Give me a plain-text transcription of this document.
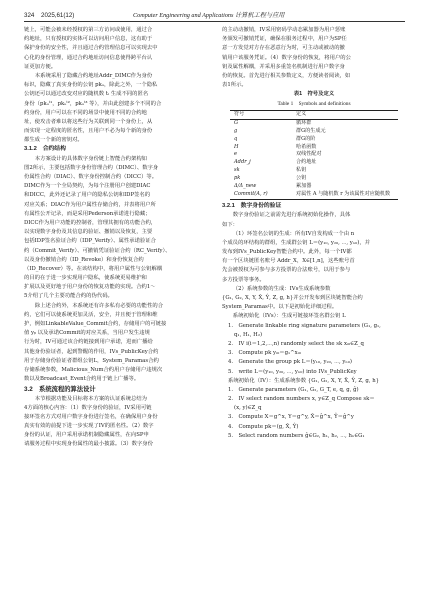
324 2025,61(12)	Computer Engineering and Applications 计算机工程与应用

链上，可能会被未经授权的第三方访问或使用，通过合

约地址，只有授权的实体可以访问用户信息，这有助于

保护身份的安全性，并且通过合约管理信息可以实现去中

心化的身份管理，通过合约地址访问信息使得跨平台认

证更加方便。

本系统采用了隐藏合约地址Addr_DIMC作为身份

标识，隐藏了真实身份的公钥 pkᵤ，除此之外，一个隐私

公钥还可以通过改变对应的随机数 tᵢ 生成不同的匿名

身份（pkᵤᵗ¹，pkᵤᵗ²，pkᵤᵗ³ 等），并由此创建多个不同的合

约身份，用户可以在不同的场景中使用不同的合约地

址，使攻击者难以将这些行为关联到同一个身份上，从

而实现一定程度的匿名性，且用户不必为每个新的身份

都生成一个新的密钥对。

3.1.2　合约结构

本方案设计的具体数字身份链上智能合约架构如

图2所示，主要包括数字身份管理合约（DIMC）、数字身

份属性合约（DIAC）、数字身份控制合约（DICC）等。

DIMC作为一个全局契约，为每个注册用户创建DIAC

和DICC，此外还记录了用户的隐私公钥和IDP签名的

对应关系；DIAC作为用户属性存储合约，并表将用户所

有属性公开记录，而是采用Pederson承诺进行隐藏；

DICC作为用户功能的控制者，管理其拥有的功能合约，

以实现数字身份及其信息的验证、撤销以及恢复，主要

包括IDP签名验证合约（IDP_Verify）、属性承诺验证合

约（Commit_Verify）、可撤销凭证验证合约（RC_Verify）、

以及身份撤销合约（ID_Revoke）和身份恢复合约

（ID_Recover）等。在该结构中，将用户属性与公钥解耦

的目的在于进一步实现用户隐私，使系统更易维护和

扩展以及更好地于用户身份的恢复功能的实现。合约1～

5介绍了几个主要功能合约的伪代码。

除上述合约外，本系统还有许多私有必要的功能性的合

约，它们可以使系统更加灵活，安全，并且便于管理和维

护，例如LinkableValue_Commit合约，存储用户的可链接

值 yᵦ 以及承诺Commit的对应关系，当用户发生违规

行为时，IV可通过该合约链接到用户承诺，进而广播给

其他身份验证者，起到警醒的作用，IVs_PublicKey合约

用于存储身份验证者群组公钥L，System_Paramas合约

存储系统参数，Malicious_Num合约用户存储用户违规次

数以及Broadcast_Event合约用于链上广播等。

3.2　系统流程的算法设计

本节根据功能及目标将本方案的认证系统总结为

4方面的核心内容：（1）数字身份的验证，IV采用可链

接环签名方式对用户数字身份进行签名，在确保用户身份

真实有效的前提下进一步实现了IV的匿名性。（2）数字

身份的认证，用户采用承诺机制隐藏属性，在向SP申

请服务过程中实现身份属性的最小披露。（3）数字身份

的主动动撤销，IV采用密码学动态累加器为用户惩账

务颁发可撤销凭证，确保在服务过程中，用户为SP任

意一方发觉对方存在恶意行为时，可主动或被动的撤

销用户该服务凭证。（4）数字身份的恢复，将用户的公

钥及属性解耦，并采用多重签名机制进行用户数字身

份的恢复。首先进行相关参数定义，方便读者阅读，如

表1所示。

表1　符号及定义

Table 1　Symbols and definitions

符号	定义
G	循环群
g	群G的生成元
q	群G的阶
H	哈希函数
e	双线性配对
Addr_j	合约地址
sk	私钥
pk	公钥
Δ/Δ_new	累加器
Commit(A, r)	对属性 A 与随机数 r 为该属性对应随机数

3.2.1　数字身份的验证

数字身份验证之前需先进行系统初始化操作，具体

如下：

（1）环签名公钥的生成：所有IV自发构成一个由 n

个成员的环结构的群组，生成群公钥 L＝(y₁₀, y₂₀, ⋯, yₙ₀)，并

发布到IVs_PublicKey智能合约中。此外，每一个IV都

有一个区块链匿名账号 Addr_X，X∈[1,n]，这些账号首

先会被授权为可参与多方投票的合法账号，以用于参与

多方投票等事务。

（2）系统参数的生成：IVs生成系统参数

{G₁, G₂, X, Y, X̂, Ŷ, Z, g, h}并公开发布到区块链智能合约

System_Paramas中。以下是初始化详细过程。

系统初始化（IVs）：生成可链接环签名群公钥 L

1.　Generate linkable ring signature parameters (G₁, g₁,

q₁, H₁, H₂)

2.　IV i(i＝1,2,⋯,n) randomly select the sk xᵢ₀∈Z_q

3.　Compute pk yᵢ₀＝g₁^xᵢ₀

4.　Generate the group pk L＝(y₁₀, y₂₀, ⋯, yₙ₀)

5.　write L＝(y₁₀, y₂₀, ⋯, yₙ₀) into IVs_PublicKey

系统初始化（IV）：生成系统参数 {G₁, G₂, X, Y, X̂, Ŷ, Z, g, h}

1.　Generate parameters (G₁, G₂, G_T, e, q, g, ĝ)

2.　IV select random numbers x, y∈Z_q Compose sk＝

(x, y)∈Z_q

3.　Compute X＝g^x, Y＝g^y, X̂＝ĝ^x, Ŷ＝ĝ^y

4.　Compute pk＝(g, X̂, Ŷ)

5.　Select random numbers ĝ∈G₂, h₁, h₂, ⋯, hₙ∈G₁
